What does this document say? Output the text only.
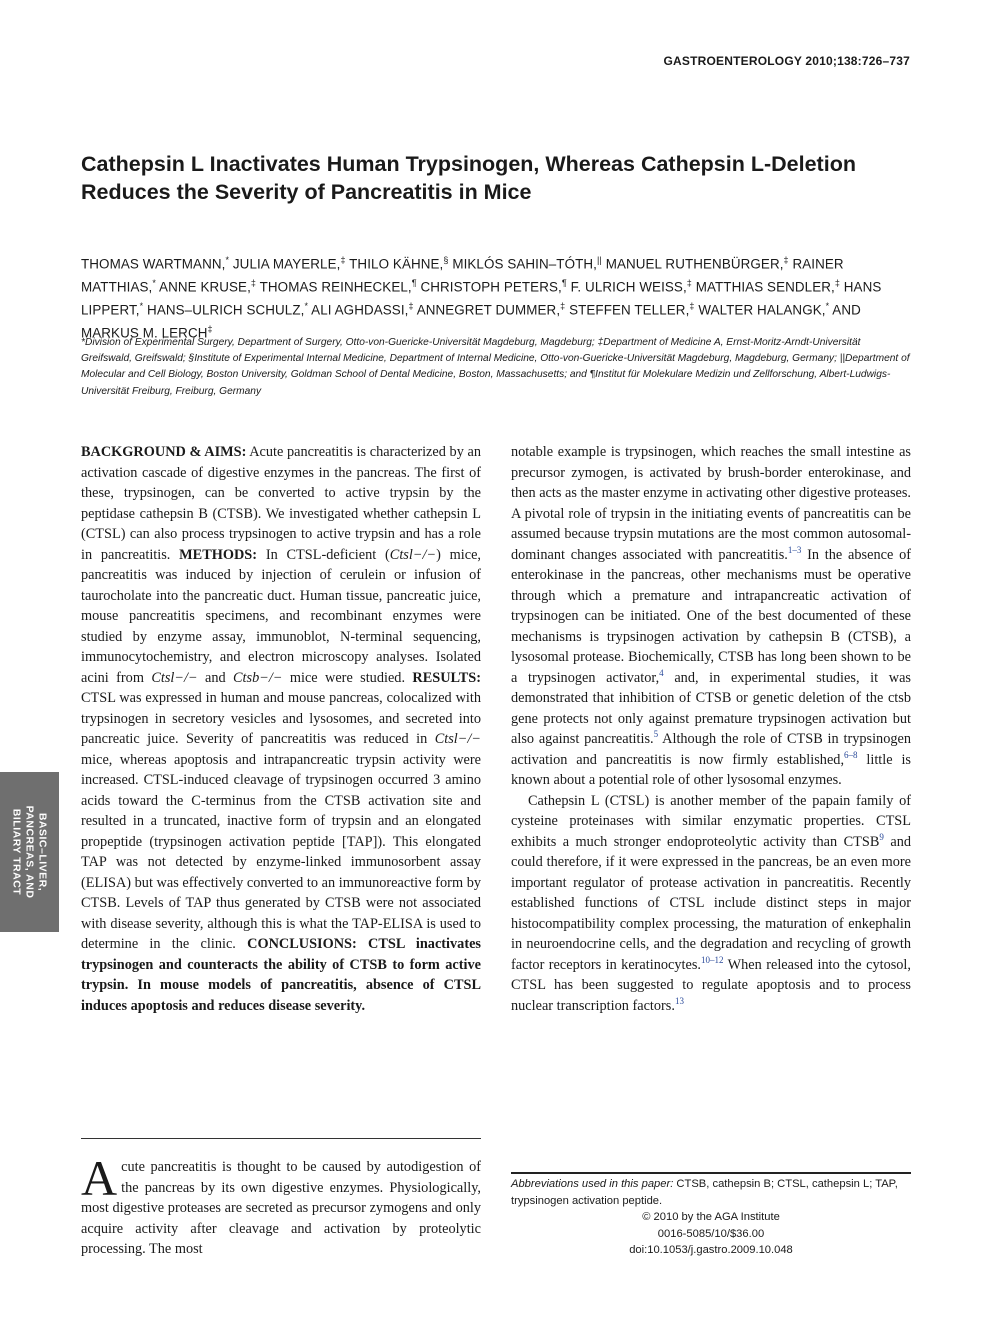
GASTROENTEROLOGY 2010;138:726–737
Cathepsin L Inactivates Human Trypsinogen, Whereas Cathepsin L-Deletion Reduces the Severity of Pancreatitis in Mice
THOMAS WARTMANN,* JULIA MAYERLE,‡ THILO KÄHNE,§ MIKLÓS SAHIN–TÓTH,|| MANUEL RUTHENBÜRGER,‡ RAINER MATTHIAS,* ANNE KRUSE,‡ THOMAS REINHECKEL,¶ CHRISTOPH PETERS,¶ F. ULRICH WEISS,‡ MATTHIAS SENDLER,‡ HANS LIPPERT,* HANS–ULRICH SCHULZ,* ALI AGHDASSI,‡ ANNEGRET DUMMER,‡ STEFFEN TELLER,‡ WALTER HALANGK,* AND MARKUS M. LERCH‡
*Division of Experimental Surgery, Department of Surgery, Otto-von-Guericke-Universität Magdeburg, Magdeburg; ‡Department of Medicine A, Ernst-Moritz-Arndt-Universität Greifswald, Greifswald; §Institute of Experimental Internal Medicine, Department of Internal Medicine, Otto-von-Guericke-Universität Magdeburg, Magdeburg, Germany; ||Department of Molecular and Cell Biology, Boston University, Goldman School of Dental Medicine, Boston, Massachusetts; and ¶Institut für Molekulare Medizin und Zellforschung, Albert-Ludwigs-Universität Freiburg, Freiburg, Germany

BACKGROUND & AIMS: Acute pancreatitis is characterized by an activation cascade of digestive enzymes in the pancreas. The first of these, trypsinogen, can be converted to active trypsin by the peptidase cathepsin B (CTSB). We investigated whether cathepsin L (CTSL) can also process trypsinogen to active trypsin and has a role in pancreatitis. METHODS: In CTSL-deficient (Ctsl−/−) mice, pancreatitis was induced by injection of cerulein or infusion of taurocholate into the pancreatic duct. Human tissue, pancreatic juice, mouse pancreatitis specimens, and recombinant enzymes were studied by enzyme assay, immunoblot, N-terminal sequencing, immunocytochemistry, and electron microscopy analyses. Isolated acini from Ctsl−/− and Ctsb−/− mice were studied. RESULTS: CTSL was expressed in human and mouse pancreas, colocalized with trypsinogen in secretory vesicles and lysosomes, and secreted into pancreatic juice. Severity of pancreatitis was reduced in Ctsl−/− mice, whereas apoptosis and intrapancreatic trypsin activity were increased. CTSL-induced cleavage of trypsinogen occurred 3 amino acids toward the C-terminus from the CTSB activation site and resulted in a truncated, inactive form of trypsin and an elongated propeptide (trypsinogen activation peptide [TAP]). This elongated TAP was not detected by enzyme-linked immunosorbent assay (ELISA) but was effectively converted to an immunoreactive form by CTSB. Levels of TAP thus generated by CTSB were not associated with disease severity, although this is what the TAP-ELISA is used to determine in the clinic. CONCLUSIONS: CTSL inactivates trypsinogen and counteracts the ability of CTSB to form active trypsin. In mouse models of pancreatitis, absence of CTSL induces apoptosis and reduces disease severity.

Acute pancreatitis is thought to be caused by autodigestion of the pancreas by its own digestive enzymes. Physiologically, most digestive proteases are secreted as precursor zymogens and only acquire activity after cleavage and activation by proteolytic processing. The most

notable example is trypsinogen, which reaches the small intestine as precursor zymogen, is activated by brush-border enterokinase, and then acts as the master enzyme in activating other digestive proteases. A pivotal role of trypsin in the initiating events of pancreatitis can be assumed because trypsin mutations are the most common autosomal-dominant changes associated with pancreatitis.$^{1-3}$ In the absence of enterokinase in the pancreas, other mechanisms must be operative through which a premature and intrapancreatic activation of trypsinogen can be initiated. One of the best documented of these mechanisms is trypsinogen activation by cathepsin B (CTSB), a lysosomal protease. Biochemically, CTSB has long been shown to be a trypsinogen activator,$^4$ and, in experimental studies, it was demonstrated that inhibition of CTSB or genetic deletion of the ctsb gene protects not only against premature trypsinogen activation but also against pancreatitis.$^5$ Although the role of CTSB in trypsinogen activation and pancreatitis is now firmly established,$^{6-8}$ little is known about a potential role of other lysosomal enzymes.

Cathepsin L (CTSL) is another member of the papain family of cysteine proteinases with similar enzymatic properties. CTSL exhibits a much stronger endoproteolytic activity than CTSB$^9$ and could therefore, if it were expressed in the pancreas, be an even more important regulator of protease activation in pancreatitis. Recently established functions of CTSL include distinct steps in major histocompatibility complex processing, the maturation of enkephalin in neuroendocrine cells, and the degradation and recycling of growth factor receptors in keratinocytes.$^{10-12}$ When released into the cytosol, CTSL has been suggested to regulate apoptosis and to process nuclear transcription factors.$^{13}$

Abbreviations used in this paper: CTSB, cathepsin B; CTSL, cathepsin L; TAP, trypsinogen activation peptide.
© 2010 by the AGA Institute
0016-5085/10/$36.00
doi:10.1053/j.gastro.2009.10.048
BASIC–LIVER,
PANCREAS, AND
BILIARY TRACT
